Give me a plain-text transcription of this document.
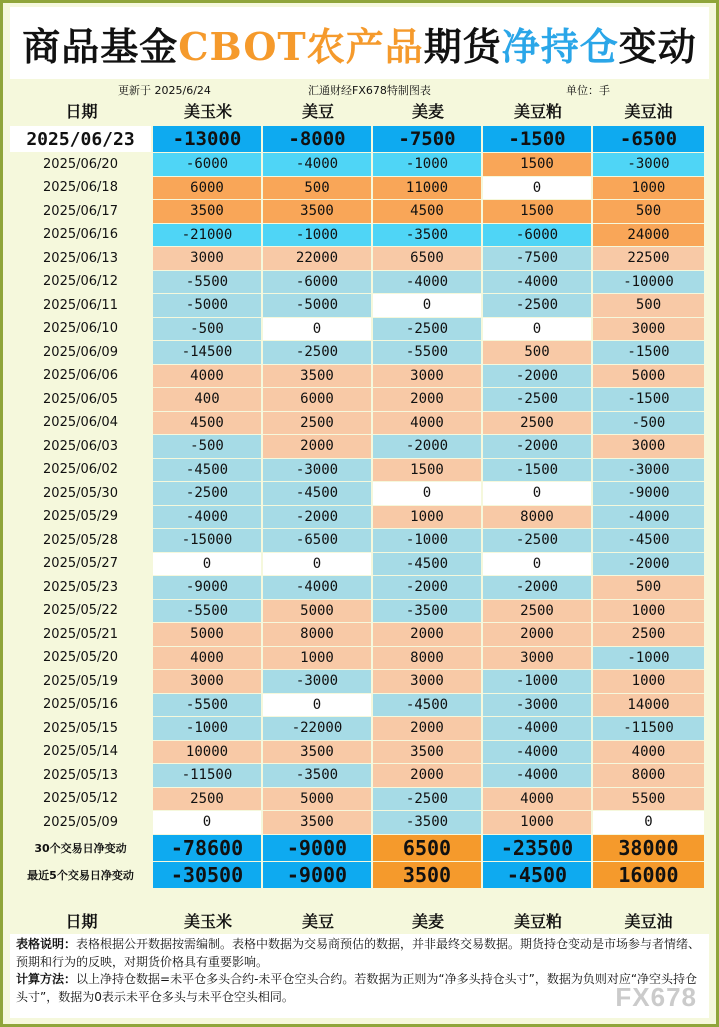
商品基金 CBOT农产品 期货 净持仓 变动
更新于 2025/6/24	汇通财经FX678特制图表	单位：手
日期	美玉米	美豆	美麦	美豆粕	美豆油
2025/06/23	-13000	-8000	-7500	-1500	-6500
2025/06/20	-6000	-4000	-1000	1500	-3000
2025/06/18	6000	500	11000	0	1000
2025/06/17	3500	3500	4500	1500	500
2025/06/16	-21000	-1000	-3500	-6000	24000
2025/06/13	3000	22000	6500	-7500	22500
2025/06/12	-5500	-6000	-4000	-4000	-10000
2025/06/11	-5000	-5000	0	-2500	500
2025/06/10	-500	0	-2500	0	3000
2025/06/09	-14500	-2500	-5500	500	-1500
2025/06/06	4000	3500	3000	-2000	5000
2025/06/05	400	6000	2000	-2500	-1500
2025/06/04	4500	2500	4000	2500	-500
2025/06/03	-500	2000	-2000	-2000	3000
2025/06/02	-4500	-3000	1500	-1500	-3000
2025/05/30	-2500	-4500	0	0	-9000
2025/05/29	-4000	-2000	1000	8000	-4000
2025/05/28	-15000	-6500	-1000	-2500	-4500
2025/05/27	0	0	-4500	0	-2000
2025/05/23	-9000	-4000	-2000	-2000	500
2025/05/22	-5500	5000	-3500	2500	1000
2025/05/21	5000	8000	2000	2000	2500
2025/05/20	4000	1000	8000	3000	-1000
2025/05/19	3000	-3000	3000	-1000	1000
2025/05/16	-5500	0	-4500	-3000	14000
2025/05/15	-1000	-22000	2000	-4000	-11500
2025/05/14	10000	3500	3500	-4000	4000
2025/05/13	-11500	-3500	2000	-4000	8000
2025/05/12	2500	5000	-2500	4000	5500
2025/05/09	0	3500	-3500	1000	0
30个交易日净变动	-78600	-9000	6500	-23500	38000
最近5个交易日净变动	-30500	-9000	3500	-4500	16000
日期	美玉米	美豆	美麦	美豆粕	美豆油
表格说明：表格根据公开数据按需编制。表格中数据为交易商预估的数据，并非最终交易数据。期货持仓变动是市场参与者情绪、预期和行为的反映，对期货价格具有重要影响。
计算方法：以上净持仓数据=未平仓多头合约-未平仓空头合约。若数据为正则为“净多头持仓头寸”，数据为负则对应“净空头持仓头寸”，数据为0表示未平仓多头与未平仓空头相同。	FX678
